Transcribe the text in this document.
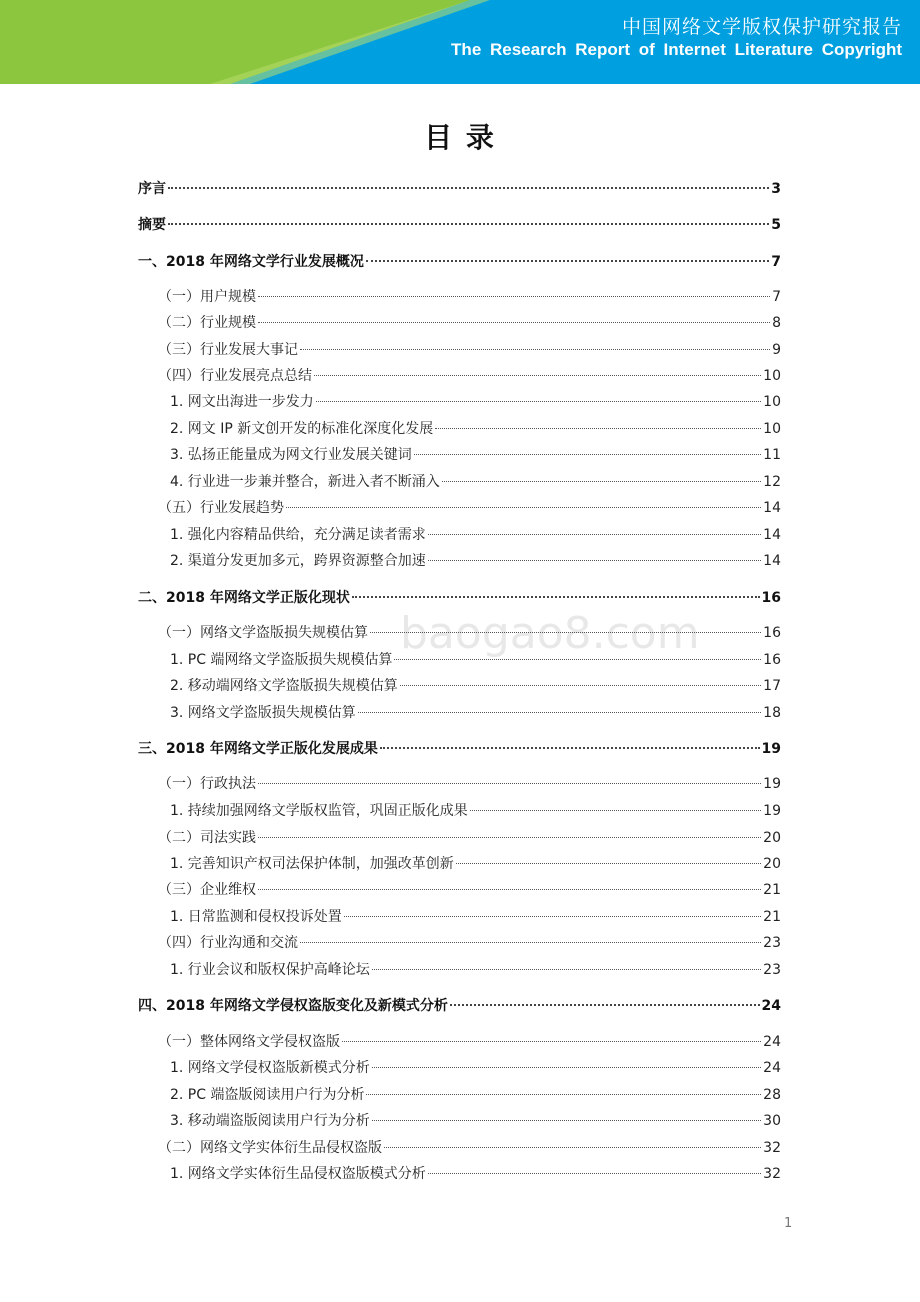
中国网络文学版权保护研究报告
The Research Report of Internet Literature Copyright
目 录
baogao8.com
序言	3
摘要	5
一、2018 年网络文学行业发展概况	7
（一）用户规模	7
（二）行业规模	8
（三）行业发展大事记	9
（四）行业发展亮点总结	10
1. 网文出海进一步发力	10
2. 网文 IP 新文创开发的标准化深度化发展	10
3. 弘扬正能量成为网文行业发展关键词	11
4. 行业进一步兼并整合，新进入者不断涌入	12
（五）行业发展趋势	14
1. 强化内容精品供给，充分满足读者需求	14
2. 渠道分发更加多元，跨界资源整合加速	14
二、2018 年网络文学正版化现状	16
（一）网络文学盗版损失规模估算	16
1. PC 端网络文学盗版损失规模估算	16
2. 移动端网络文学盗版损失规模估算	17
3. 网络文学盗版损失规模估算	18
三、2018 年网络文学正版化发展成果	19
（一）行政执法	19
1. 持续加强网络文学版权监管，巩固正版化成果	19
（二）司法实践	20
1. 完善知识产权司法保护体制，加强改革创新	20
（三）企业维权	21
1. 日常监测和侵权投诉处置	21
（四）行业沟通和交流	23
1. 行业会议和版权保护高峰论坛	23
四、2018 年网络文学侵权盗版变化及新模式分析	24
（一）整体网络文学侵权盗版	24
1. 网络文学侵权盗版新模式分析	24
2. PC 端盗版阅读用户行为分析	28
3. 移动端盗版阅读用户行为分析	30
（二）网络文学实体衍生品侵权盗版	32
1. 网络文学实体衍生品侵权盗版模式分析	32
1
